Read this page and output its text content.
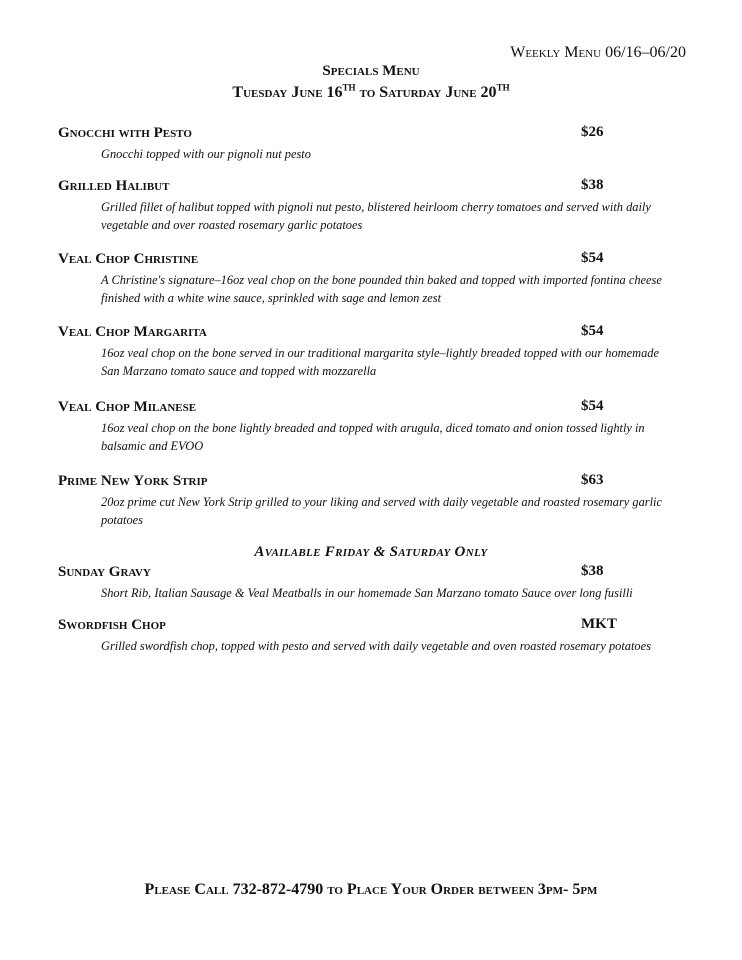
Weekly Menu 06/16–06/20
Specials Menu
Tuesday June 16TH to Saturday June 20TH
Gnocchi with Pesto	$26
Gnocchi topped with our pignoli nut pesto
Grilled Halibut	$38
Grilled fillet of halibut topped with pignoli nut pesto, blistered heirloom cherry tomatoes and served with daily vegetable and over roasted rosemary garlic potatoes
Veal Chop Christine	$54
A Christine's signature–16oz veal chop on the bone pounded thin baked and topped with imported fontina cheese finished with a white wine sauce, sprinkled with sage and lemon zest
Veal Chop Margarita	$54
16oz veal chop on the bone served in our traditional margarita style–lightly breaded topped with our homemade San Marzano tomato sauce and topped with mozzarella
Veal Chop Milanese	$54
16oz veal chop on the bone lightly breaded and topped with arugula, diced tomato and onion tossed lightly in balsamic and EVOO
Prime New York Strip	$63
20oz prime cut New York Strip grilled to your liking and served with daily vegetable and roasted rosemary garlic potatoes
Available Friday & Saturday Only
Sunday Gravy	$38
Short Rib, Italian Sausage & Veal Meatballs in our homemade San Marzano tomato Sauce over long fusilli
Swordfish Chop	MKT
Grilled swordfish chop, topped with pesto and served with daily vegetable and oven roasted rosemary potatoes
Please Call 732-872-4790 to Place Your Order between 3pm- 5pm
